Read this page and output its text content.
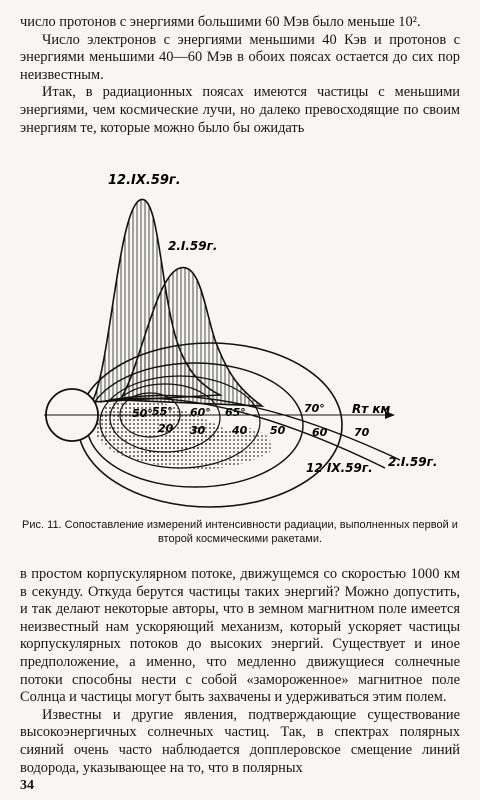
число протонов с энергиями большими 60 Мэв было меньше 10².

Число электронов с энергиями меньшими 40 Кэв и протонов с энергиями меньшими 40—60 Мэв в обоих поясах остается до сих пор неизвестным.

Итак, в радиационных поясах имеются частицы с меньшими энергиями, чем космические лучи, но далеко превосходящие по своим энергиям те, которые можно было бы ожидать

12.IX.59г.
2.I.59г.
50° 55° 60° 65°	70° Rт км
20 30 40 50 60 70
2.I.59г.
12 IX.59г.
Рис. 11. Сопоставление измерений интенсивности радиации, выполненных первой и второй космическими ракетами.

в простом корпускулярном потоке, движущемся со скоростью 1000 км в секунду. Откуда берутся частицы таких энергий? Можно допустить, и так делают некоторые авторы, что в земном магнитном поле имеется неизвестный нам ускоряющий механизм, который ускоряет частицы корпускулярных потоков до высоких энергий. Существует и иное предположение, а именно, что медленно движущиеся солнечные потоки способны нести с собой «замороженное» магнитное поле Солнца и частицы могут быть захвачены и удерживаться этим полем.

Известны и другие явления, подтверждающие существование высокоэнергичных солнечных частиц. Так, в спектрах полярных сияний очень часто наблюдается допплеровское смещение линий водорода, указывающее на то, что в полярных

34
